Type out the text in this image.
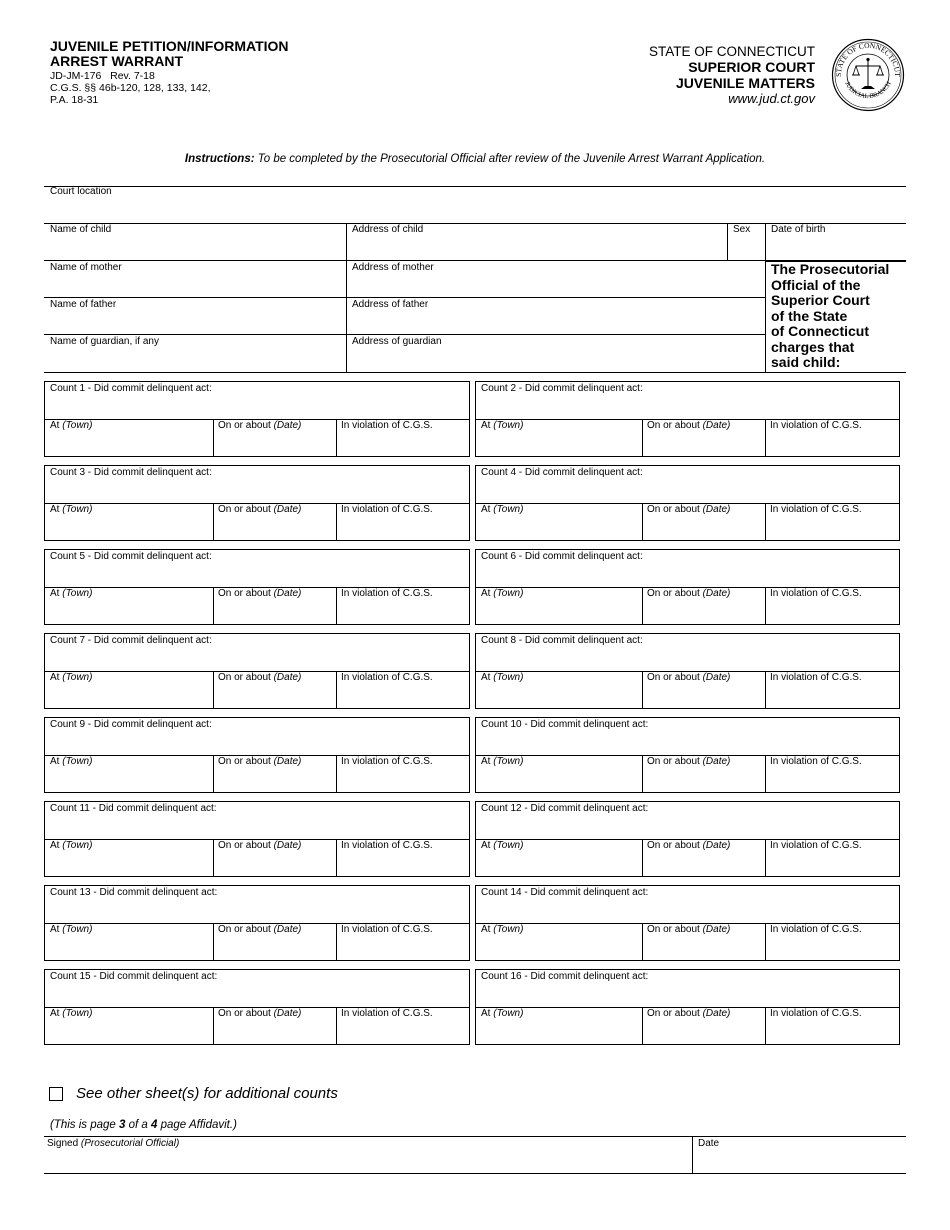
JUVENILE PETITION/INFORMATION
ARREST WARRANT
JD-JM-176 Rev. 7-18
C.G.S. §§ 46b-120, 128, 133, 142,
P.A. 18-31
STATE OF CONNECTICUT
SUPERIOR COURT
JUVENILE MATTERS
www.jud.ct.gov
STATE OF CONNECTICUT
JUDICIAL BRANCH
Instructions: To be completed by the Prosecutorial Official after review of the Juvenile Arrest Warrant Application.
Court location
Name of child	Address of child	Sex Date of birth
Name of mother	Address of mother
Name of father	Address of father
Name of guardian, if any	Address of guardian
The Prosecutorial
Official of the
Superior Court
of the State
of Connecticut
charges that
said child:
Count 1 - Did commit delinquent act:
At (Town)	On or about (Date)	In violation of C.G.S.
Count 2 - Did commit delinquent act:
At (Town)	On or about (Date)	In violation of C.G.S.
Count 3 - Did commit delinquent act:
At (Town)	On or about (Date)	In violation of C.G.S.
Count 4 - Did commit delinquent act:
At (Town)	On or about (Date)	In violation of C.G.S.
Count 5 - Did commit delinquent act:
At (Town)	On or about (Date)	In violation of C.G.S.
Count 6 - Did commit delinquent act:
At (Town)	On or about (Date)	In violation of C.G.S.
Count 7 - Did commit delinquent act:
At (Town)	On or about (Date)	In violation of C.G.S.
Count 8 - Did commit delinquent act:
At (Town)	On or about (Date)	In violation of C.G.S.
Count 9 - Did commit delinquent act:
At (Town)	On or about (Date)	In violation of C.G.S.
Count 10 - Did commit delinquent act:
At (Town)	On or about (Date)	In violation of C.G.S.
Count 11 - Did commit delinquent act:
At (Town)	On or about (Date)	In violation of C.G.S.
Count 12 - Did commit delinquent act:
At (Town)	On or about (Date)	In violation of C.G.S.
Count 13 - Did commit delinquent act:
At (Town)	On or about (Date)	In violation of C.G.S.
Count 14 - Did commit delinquent act:
At (Town)	On or about (Date)	In violation of C.G.S.
Count 15 - Did commit delinquent act:
At (Town)	On or about (Date)	In violation of C.G.S.
Count 16 - Did commit delinquent act:
At (Town)	On or about (Date)	In violation of C.G.S.
See other sheet(s) for additional counts
(This is page 3 of a 4 page Affidavit.)
Signed (Prosecutorial Official)	Date
